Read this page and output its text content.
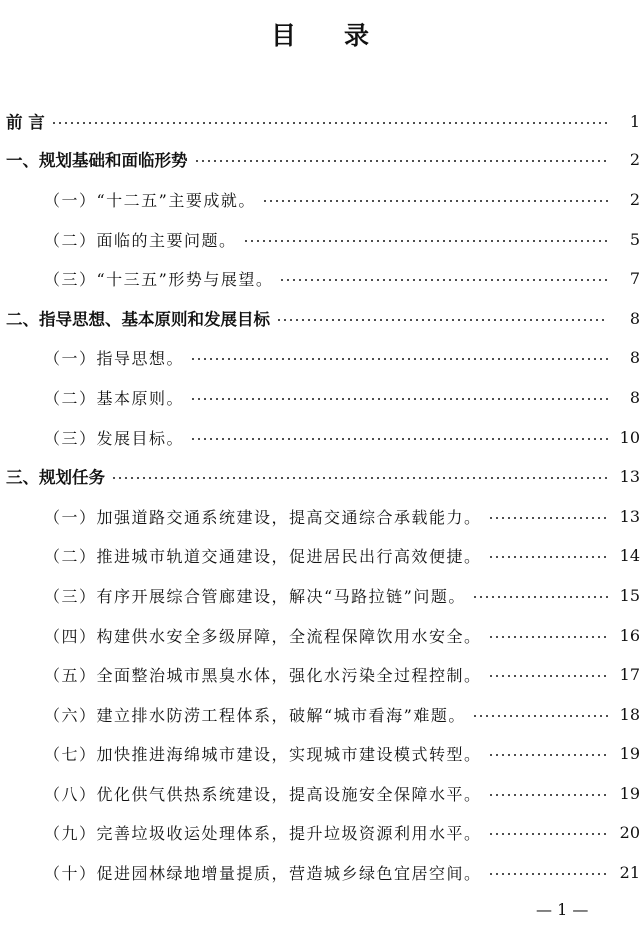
目 录
前 言	1
一、规划基础和面临形势	2
（一）“十二五”主要成就。	2
（二）面临的主要问题。	5
（三）“十三五”形势与展望。	7
二、指导思想、基本原则和发展目标	8
（一）指导思想。	8
（二）基本原则。	8
（三）发展目标。	10
三、规划任务	13
（一）加强道路交通系统建设，提高交通综合承载能力。	13
（二）推进城市轨道交通建设，促进居民出行高效便捷。	14
（三）有序开展综合管廊建设，解决“马路拉链”问题。	15
（四）构建供水安全多级屏障，全流程保障饮用水安全。	16
（五）全面整治城市黑臭水体，强化水污染全过程控制。	17
（六）建立排水防涝工程体系，破解“城市看海”难题。	18
（七）加快推进海绵城市建设，实现城市建设模式转型。	19
（八）优化供气供热系统建设，提高设施安全保障水平。	19
（九）完善垃圾收运处理体系，提升垃圾资源利用水平。	20
（十）促进园林绿地增量提质，营造城乡绿色宜居空间。	21
— 1 —
